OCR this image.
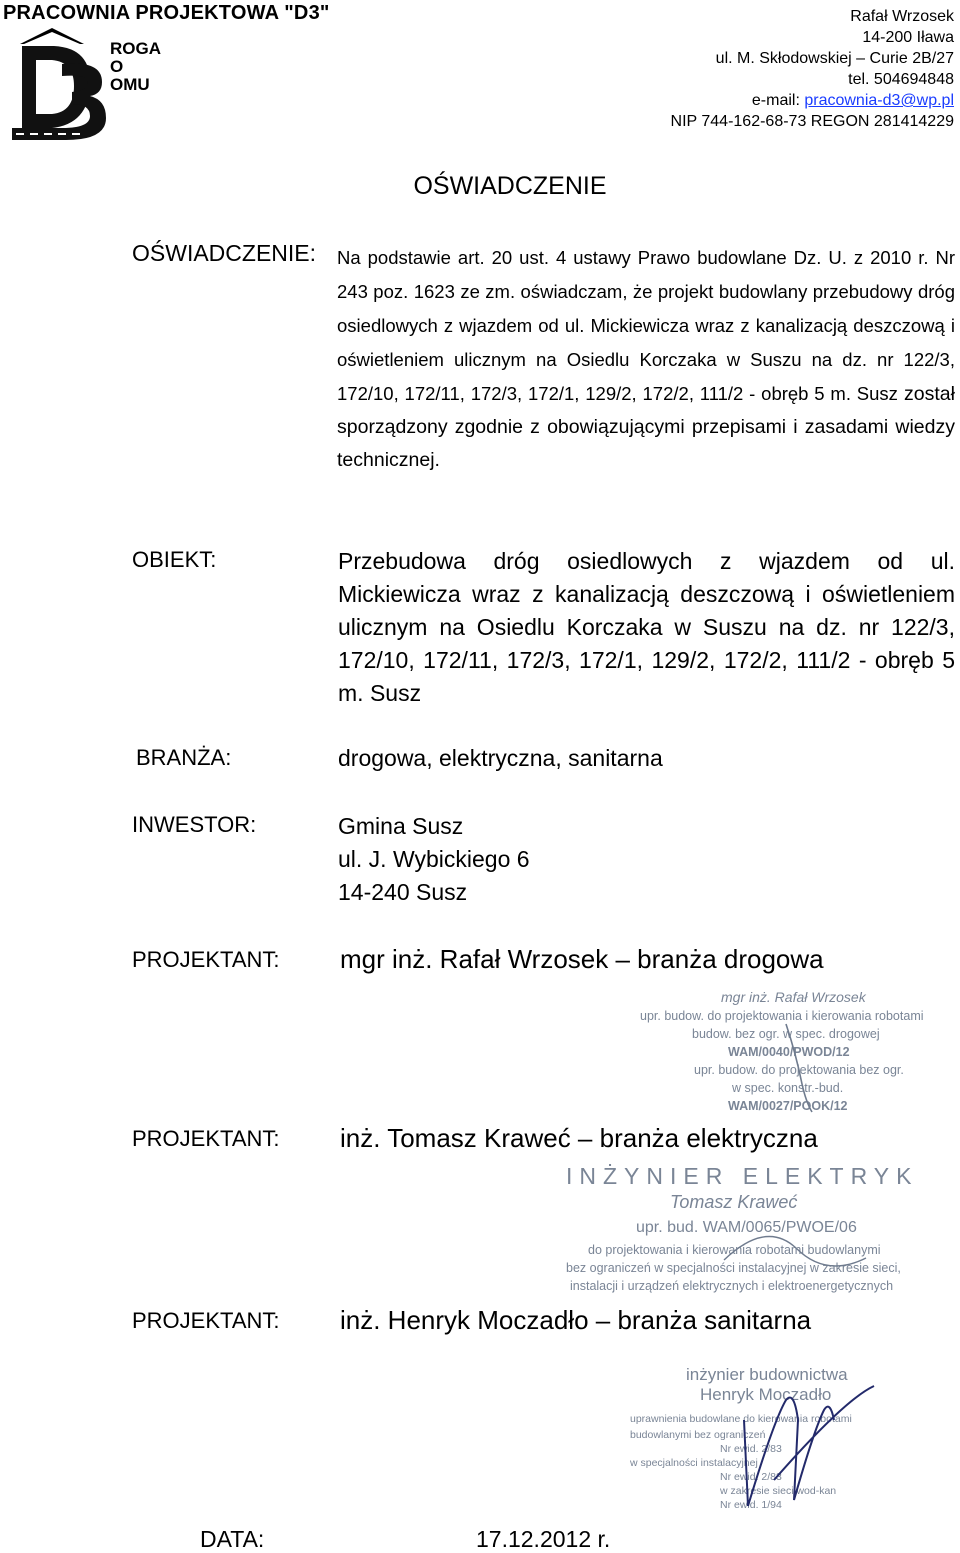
PRACOWNIA PROJEKTOWA "D3"
ROGA
O
OMU
Rafał Wrzosek
14-200 Iława
ul. M. Skłodowskiej – Curie 2B/27
tel. 504694848
e-mail: pracownia-d3@wp.pl
NIP 744-162-68-73 REGON 281414229
OŚWIADCZENIE
OŚWIADCZENIE: Na podstawie art. 20 ust. 4 ustawy Prawo budowlane Dz. U. z 2010 r. Nr 243 poz. 1623 ze zm. oświadczam, że projekt budowlany przebudowy dróg osiedlowych z wjazdem od ul. Mickiewicza wraz z kanalizacją deszczową i oświetleniem ulicznym na Osiedlu Korczaka w Suszu na dz. nr 122/3, 172/10, 172/11, 172/3, 172/1, 129/2, 172/2, 111/2 - obręb 5 m. Susz został sporządzony zgodnie z obowiązującymi przepisami i zasadami wiedzy technicznej.

OBIEKT:	Przebudowa dróg osiedlowych z wjazdem od ul. Mickiewicza wraz z kanalizacją deszczową i oświetleniem ulicznym na Osiedlu Korczaka w Suszu na dz. nr 122/3, 172/10, 172/11, 172/3, 172/1, 129/2, 172/2, 111/2 - obręb 5 m. Susz
BRANŻA:	drogowa, elektryczna, sanitarna
INWESTOR:	Gmina Susz
ul. J. Wybickiego 6
14-240 Susz
PROJEKTANT: mgr inż. Rafał Wrzosek – branża drogowa
mgr inż. Rafał Wrzosek
upr. budow. do projektowania i kierowania robotami
budow. bez ogr. w spec. drogowej
WAM/0040/PWOD/12
upr. budow. do projektowania bez ogr.
w spec. konstr.-bud.
WAM/0027/POOK/12
PROJEKTANT: inż. Tomasz Kraweć – branża elektryczna
INŻYNIER ELEKTRYK
Tomasz Kraweć
upr. bud. WAM/0065/PWOE/06
do projektowania i kierowania robotami budowlanymi
bez ograniczeń w specjalności instalacyjnej w zakresie sieci,
instalacji i urządzeń elektrycznych i elektroenergetycznych
PROJEKTANT: inż. Henryk Moczadło – branża sanitarna
inżynier budownictwa
Henryk Moczadło
uprawnienia budowlane do kierowania robotami
budowlanymi bez ograniczeń
Nr ewid. 2/83
w specjalności instalacyjnej
Nr ewid. 2/83
w zakresie sieci wod-kan
Nr ewid. 1/94
DATA:	17.12.2012 r.
